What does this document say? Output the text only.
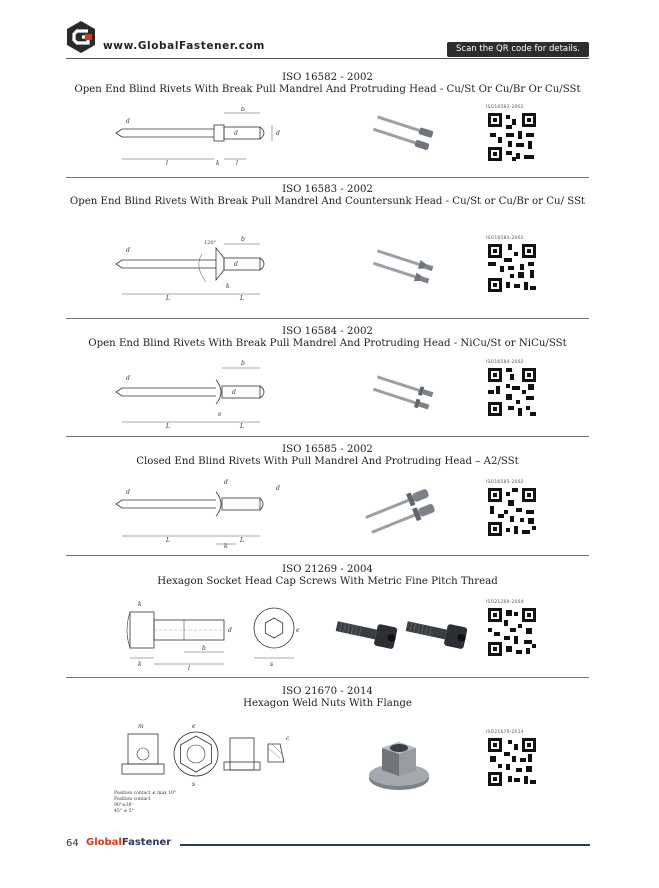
www.GlobalFastener.com	Scan the QR code for details.
ISO 16582 - 2002
Open End Blind Rivets With Break Pull Mandrel And Protruding Head - Cu/St Or Cu/Br Or Cu/SSt
d
d	d
b
l	k	l
ISO16582-2002
ISO 16583 - 2002
Open End Blind Rivets With Break Pull Mandrel And Countersunk Head - Cu/St or Cu/Br or Cu/ SSt
d
120°
d
b
L
k
L
ISO16583-2002
ISO 16584 - 2002
Open End Blind Rivets With Break Pull Mandrel And Protruding Head - NiCu/St or NiCu/SSt
d
d
b
L
e
L
ISO16584-2002
ISO 16585 - 2002
Closed End Blind Rivets With Pull Mandrel And Protruding Head – A2/SSt
d
d
d
L
k
L
ISO16585-2002
ISO 21269 - 2004
Hexagon Socket Head Cap Screws With Metric Fine Pitch Thread
k
k
l
b
d	e
s
ISO21269-2004
ISO 21670 - 2014
Hexagon Weld Nuts With Flange
m	e
s
c
Position contact ≤ max 10°
Position contact
90°±30'
45° ± 5°
ISO21670-2014
64 GlobalFastener
